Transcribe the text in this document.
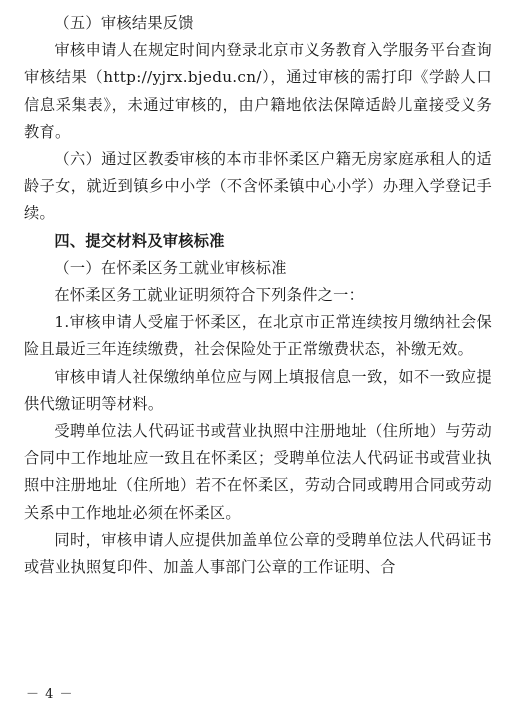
（五）审核结果反馈

审核申请人在规定时间内登录北京市义务教育入学服务平台查询审核结果（http://yjrx.bjedu.cn/），通过审核的需打印《学龄人口信息采集表》，未通过审核的，由户籍地依法保障适龄儿童接受义务教育。

（六）通过区教委审核的本市非怀柔区户籍无房家庭承租人的适龄子女，就近到镇乡中小学（不含怀柔镇中心小学）办理入学登记手续。

四、提交材料及审核标准

（一）在怀柔区务工就业审核标准

在怀柔区务工就业证明须符合下列条件之一：

1.审核申请人受雇于怀柔区，在北京市正常连续按月缴纳社会保险且最近三年连续缴费，社会保险处于正常缴费状态，补缴无效。

审核申请人社保缴纳单位应与网上填报信息一致，如不一致应提供代缴证明等材料。

受聘单位法人代码证书或营业执照中注册地址（住所地）与劳动合同中工作地址应一致且在怀柔区；受聘单位法人代码证书或营业执照中注册地址（住所地）若不在怀柔区，劳动合同或聘用合同或劳动关系中工作地址必须在怀柔区。

同时，审核申请人应提供加盖单位公章的受聘单位法人代码证书或营业执照复印件、加盖人事部门公章的工作证明、合

－ 4 －
